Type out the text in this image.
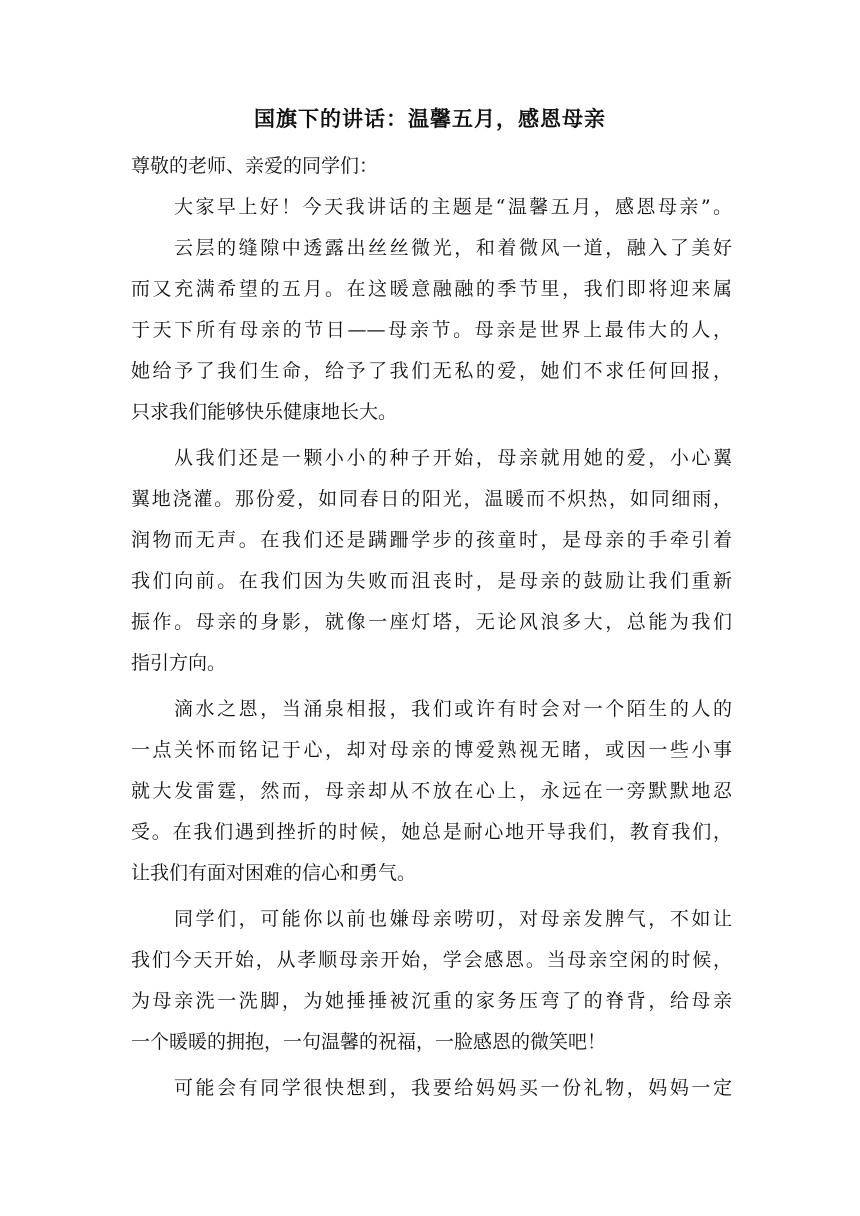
国旗下的讲话：温馨五月，感恩母亲
尊敬的老师、亲爱的同学们：
大家早上好！今天我讲话的主题是“温馨五月，感恩母亲”。
云层的缝隙中透露出丝丝微光，和着微风一道，融入了美好
而又充满希望的五月。在这暖意融融的季节里，我们即将迎来属
于天下所有母亲的节日——母亲节。母亲是世界上最伟大的人，
她给予了我们生命，给予了我们无私的爱，她们不求任何回报，
只求我们能够快乐健康地长大。
从我们还是一颗小小的种子开始，母亲就用她的爱，小心翼
翼地浇灌。那份爱，如同春日的阳光，温暖而不炽热，如同细雨，
润物而无声。在我们还是蹒跚学步的孩童时，是母亲的手牵引着
我们向前。在我们因为失败而沮丧时，是母亲的鼓励让我们重新
振作。母亲的身影，就像一座灯塔，无论风浪多大，总能为我们
指引方向。
滴水之恩，当涌泉相报，我们或许有时会对一个陌生的人的
一点关怀而铭记于心，却对母亲的博爱熟视无睹，或因一些小事
就大发雷霆，然而，母亲却从不放在心上，永远在一旁默默地忍
受。在我们遇到挫折的时候，她总是耐心地开导我们，教育我们，
让我们有面对困难的信心和勇气。
同学们，可能你以前也嫌母亲唠叨，对母亲发脾气，不如让
我们今天开始，从孝顺母亲开始，学会感恩。当母亲空闲的时候，
为母亲洗一洗脚，为她捶捶被沉重的家务压弯了的脊背，给母亲
一个暖暖的拥抱，一句温馨的祝福，一脸感恩的微笑吧！
可能会有同学很快想到，我要给妈妈买一份礼物，妈妈一定
